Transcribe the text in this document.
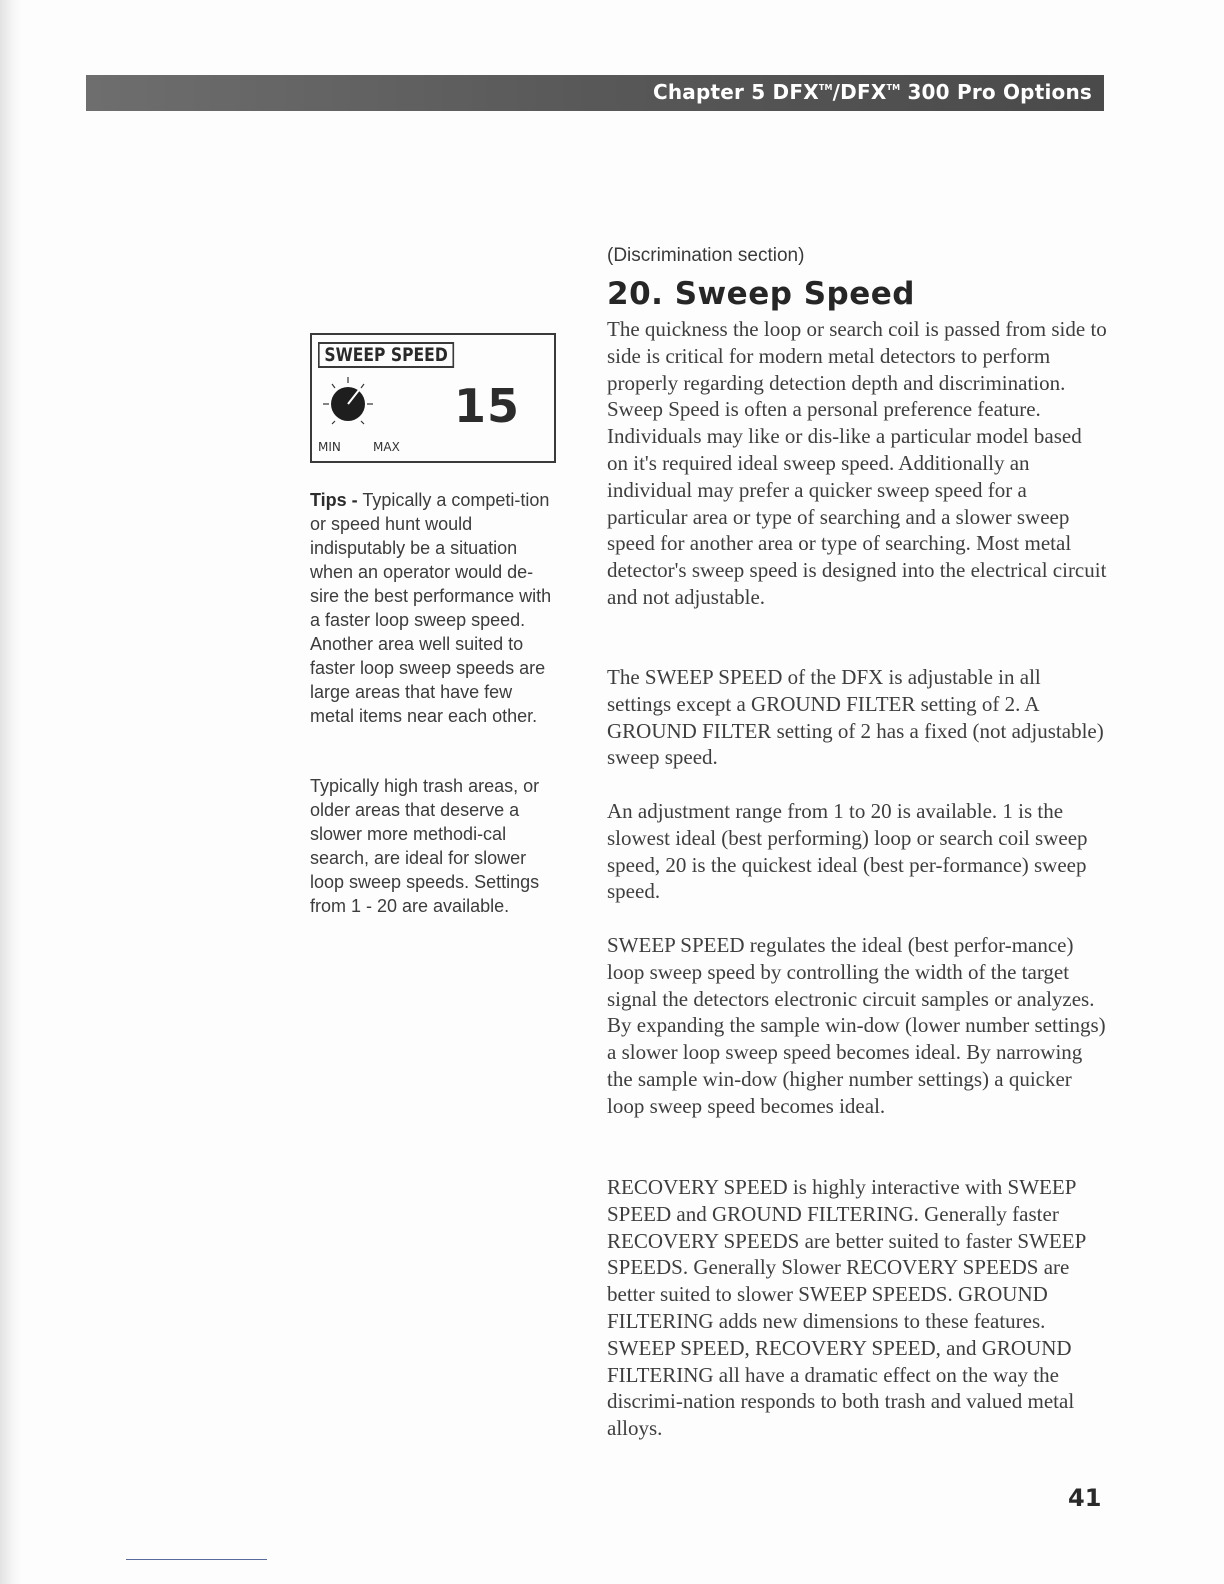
Chapter 5 DFX™/DFX™ 300 Pro Options
SWEEP SPEED
15
MIN	MAX
Tips - Typically a competi-tion or speed hunt would indisputably be a situation when an operator would de-sire the best performance with a faster loop sweep speed. Another area well suited to faster loop sweep speeds are large areas that have few metal items near each other.
Typically high trash areas, or older areas that deserve a slower more methodi-cal search, are ideal for slower loop sweep speeds. Settings from 1 - 20 are available.
(Discrimination section)
20. Sweep Speed

The quickness the loop or search coil is passed from side to side is critical for modern metal detectors to perform properly regarding detection depth and discrimination. Sweep Speed is often a personal preference feature. Individuals may like or dis-like a particular model based on it's required ideal sweep speed. Additionally an individual may prefer a quicker sweep speed for a particular area or type of searching and a slower sweep speed for another area or type of searching. Most metal detector's sweep speed is designed into the electrical circuit and not adjustable.

The SWEEP SPEED of the DFX is adjustable in all settings except a GROUND FILTER setting of 2. A GROUND FILTER setting of 2 has a fixed (not adjustable) sweep speed.

An adjustment range from 1 to 20 is available. 1 is the slowest ideal (best performing) loop or search coil sweep speed, 20 is the quickest ideal (best per-formance) sweep speed.

SWEEP SPEED regulates the ideal (best perfor-mance) loop sweep speed by controlling the width of the target signal the detectors electronic circuit samples or analyzes. By expanding the sample win-dow (lower number settings) a slower loop sweep speed becomes ideal. By narrowing the sample win-dow (higher number settings) a quicker loop sweep speed becomes ideal.

RECOVERY SPEED is highly interactive with SWEEP SPEED and GROUND FILTERING. Generally faster RECOVERY SPEEDS are better suited to faster SWEEP SPEEDS. Generally Slower RECOVERY SPEEDS are better suited to slower SWEEP SPEEDS. GROUND FILTERING adds new dimensions to these features. SWEEP SPEED, RECOVERY SPEED, and GROUND FILTERING all have a dramatic effect on the way the discrimi-nation responds to both trash and valued metal alloys.

41
